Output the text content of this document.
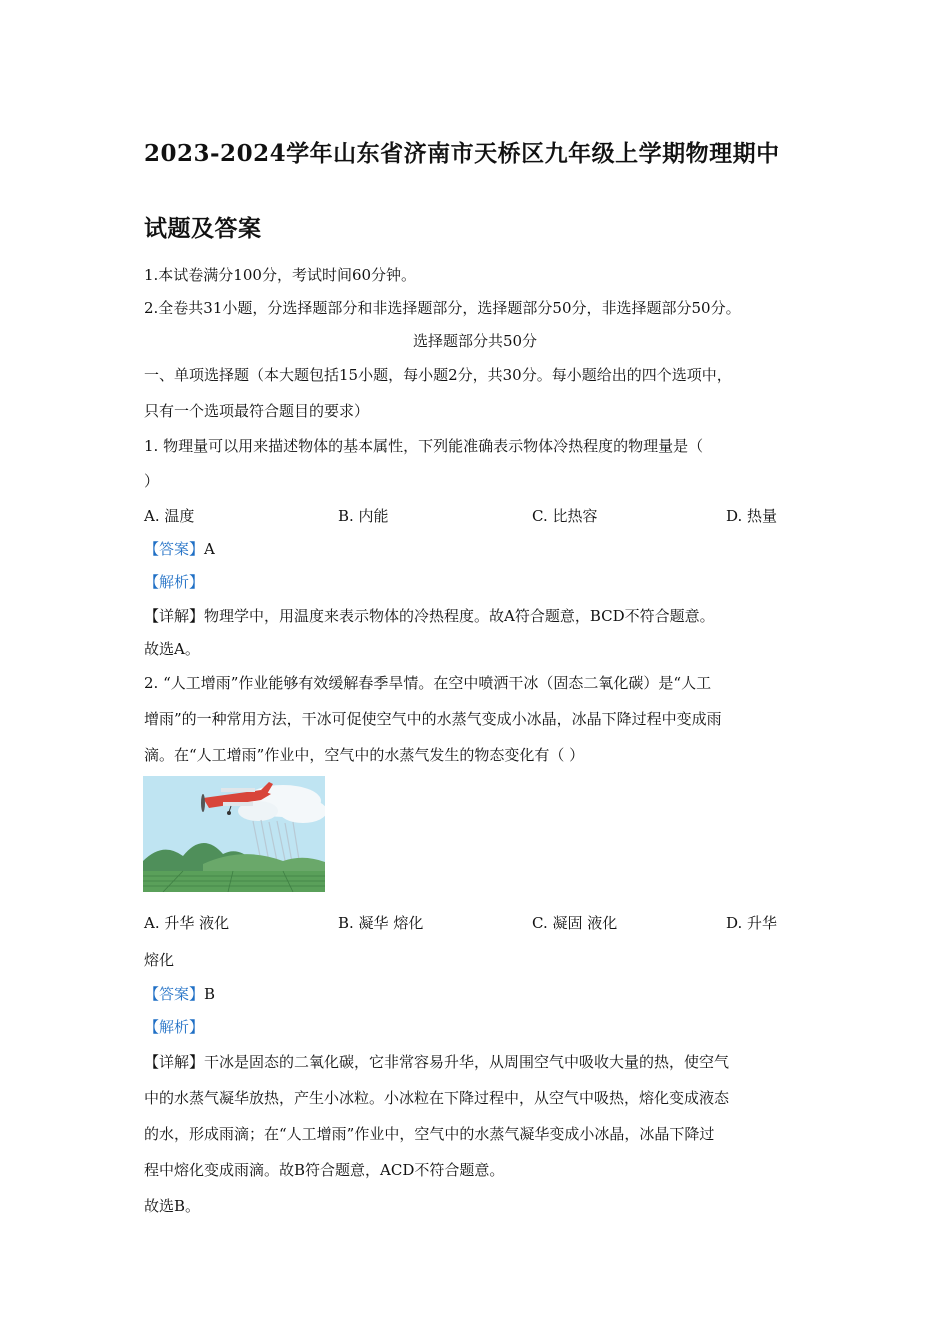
2023-2024学年山东省济南市天桥区九年级上学期物理期中
试题及答案
1.本试卷满分100分，考试时间60分钟。
2.全卷共31小题，分选择题部分和非选择题部分，选择题部分50分，非选择题部分50分。
选择题部分共50分
一、单项选择题（本大题包括15小题，每小题2分，共30分。每小题给出的四个选项中，
只有一个选项最符合题目的要求）
1. 物理量可以用来描述物体的基本属性，下列能准确表示物体冷热程度的物理量是（
）
A. 温度	B. 内能	C. 比热容	D. 热量
【答案】A
【解析】
【详解】物理学中，用温度来表示物体的冷热程度。故A符合题意，BCD不符合题意。
故选A。
2. “人工增雨”作业能够有效缓解春季旱情。在空中喷洒干冰（固态二氧化碳）是“人工
增雨”的一种常用方法，干冰可促使空气中的水蒸气变成小冰晶，冰晶下降过程中变成雨
滴。在“人工增雨”作业中，空气中的水蒸气发生的物态变化有（ ）
A. 升华 液化	B. 凝华 熔化	C. 凝固 液化	D. 升华
熔化
【答案】B
【解析】
【详解】干冰是固态的二氧化碳，它非常容易升华，从周围空气中吸收大量的热，使空气
中的水蒸气凝华放热，产生小冰粒。小冰粒在下降过程中，从空气中吸热，熔化变成液态
的水，形成雨滴；在“人工增雨”作业中，空气中的水蒸气凝华变成小冰晶，冰晶下降过
程中熔化变成雨滴。故B符合题意，ACD不符合题意。
故选B。
